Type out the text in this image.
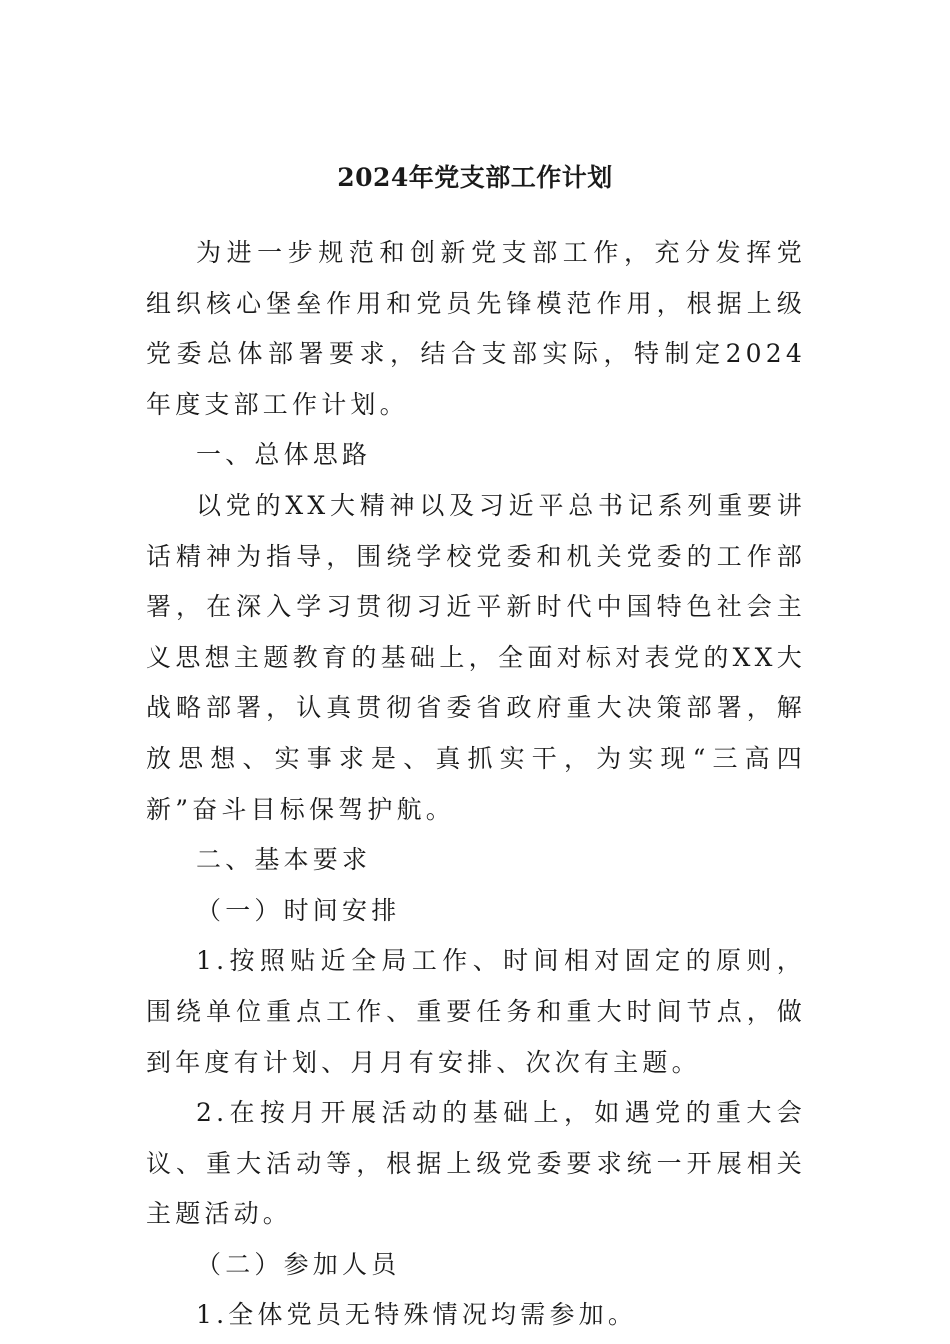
2024年党支部工作计划

为进一步规范和创新党支部工作，充分发挥党组织核心堡垒作用和党员先锋模范作用，根据上级党委总体部署要求，结合支部实际，特制定2024年度支部工作计划。

一、总体思路

以党的XX大精神以及习近平总书记系列重要讲话精神为指导，围绕学校党委和机关党委的工作部署，在深入学习贯彻习近平新时代中国特色社会主义思想主题教育的基础上，全面对标对表党的XX大战略部署，认真贯彻省委省政府重大决策部署，解放思想、实事求是、真抓实干，为实现“三高四新”奋斗目标保驾护航。

二、基本要求

（一）时间安排

1.按照贴近全局工作、时间相对固定的原则，围绕单位重点工作、重要任务和重大时间节点，做到年度有计划、月月有安排、次次有主题。

2.在按月开展活动的基础上，如遇党的重大会议、重大活动等，根据上级党委要求统一开展相关主题活动。

（二）参加人员

1.全体党员无特殊情况均需参加。
